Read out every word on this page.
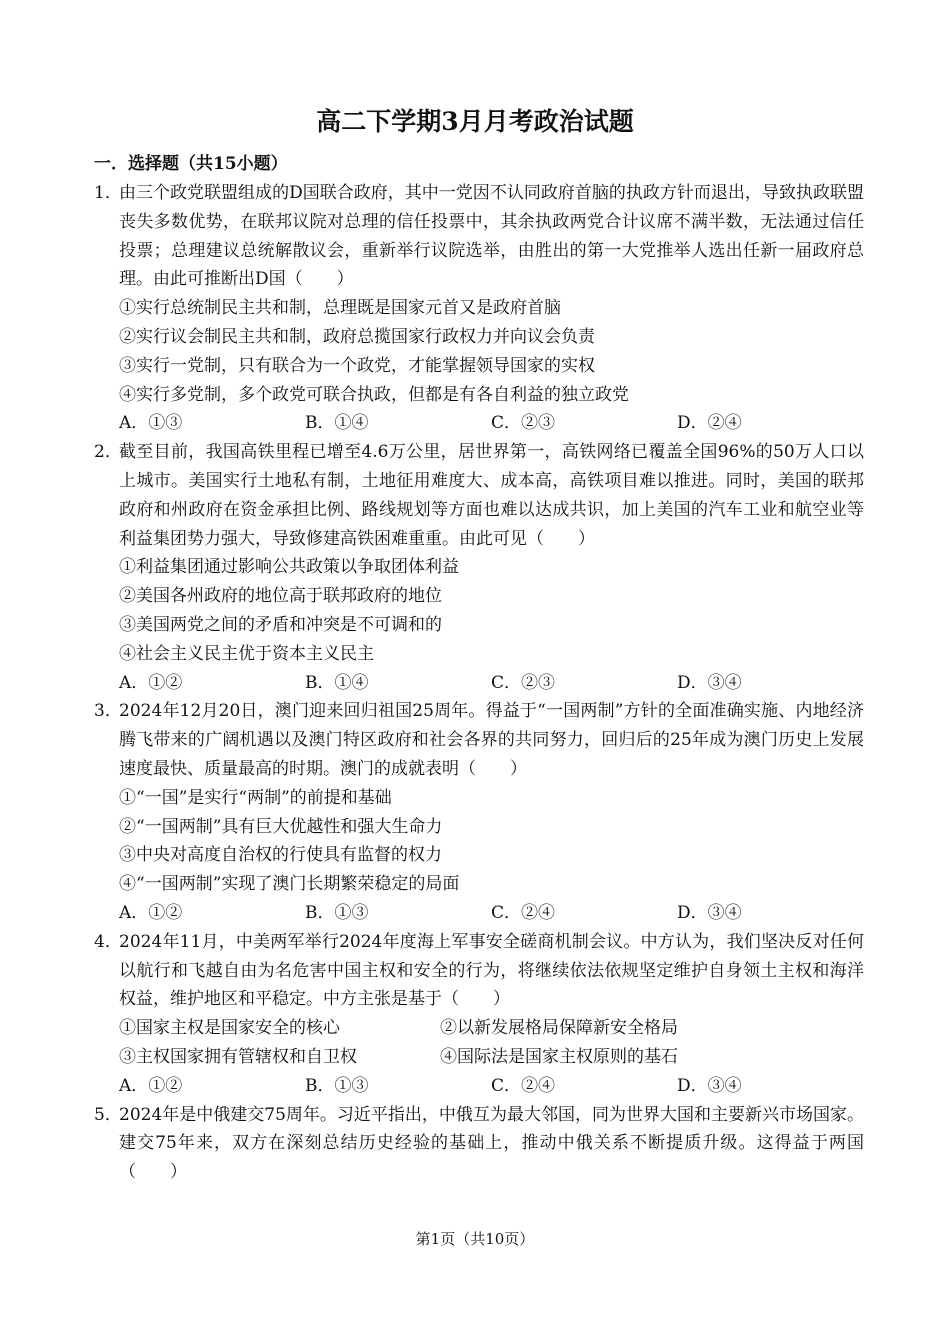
高二下学期3月月考政治试题
一．选择题（共15小题）
1．
由三个政党联盟组成的D国联合政府，其中一党因不认同政府首脑的执政方针而退出，导致执政联盟丧失多数优势，在联邦议院对总理的信任投票中，其余执政两党合计议席不满半数，无法通过信任投票；总理建议总统解散议会，重新举行议院选举，由胜出的第一大党推举人选出任新一届政府总理。由此可推断出D国（　　）
①实行总统制民主共和制，总理既是国家元首又是政府首脑
②实行议会制民主共和制，政府总揽国家行政权力并向议会负责
③实行一党制，只有联合为一个政党，才能掌握领导国家的实权
④实行多党制，多个政党可联合执政，但都是有各自利益的独立政党
A．①③	B．①④	C．②③	D．②④
2．
截至目前，我国高铁里程已增至4.6万公里，居世界第一，高铁网络已覆盖全国96%的50万人口以上城市。美国实行土地私有制，土地征用难度大、成本高，高铁项目难以推进。同时，美国的联邦政府和州政府在资金承担比例、路线规划等方面也难以达成共识，加上美国的汽车工业和航空业等利益集团势力强大，导致修建高铁困难重重。由此可见（　　）
①利益集团通过影响公共政策以争取团体利益
②美国各州政府的地位高于联邦政府的地位
③美国两党之间的矛盾和冲突是不可调和的
④社会主义民主优于资本主义民主
A．①②	B．①④	C．②③	D．③④
3．
2024年12月20日，澳门迎来回归祖国25周年。得益于“一国两制”方针的全面准确实施、内地经济腾飞带来的广阔机遇以及澳门特区政府和社会各界的共同努力，回归后的25年成为澳门历史上发展速度最快、质量最高的时期。澳门的成就表明（　　）
①“一国”是实行“两制”的前提和基础
②“一国两制”具有巨大优越性和强大生命力
③中央对高度自治权的行使具有监督的权力
④“一国两制”实现了澳门长期繁荣稳定的局面
A．①②	B．①③	C．②④	D．③④
4．
2024年11月，中美两军举行2024年度海上军事安全磋商机制会议。中方认为，我们坚决反对任何以航行和飞越自由为名危害中国主权和安全的行为，将继续依法依规坚定维护自身领土主权和海洋权益，维护地区和平稳定。中方主张是基于（　　）
①国家主权是国家安全的核心	②以新发展格局保障新安全格局
③主权国家拥有管辖权和自卫权	④国际法是国家主权原则的基石
A．①②	B．①③	C．②④	D．③④
5．
2024年是中俄建交75周年。习近平指出，中俄互为最大邻国，同为世界大国和主要新兴市场国家。建交75年来，双方在深刻总结历史经验的基础上，推动中俄关系不断提质升级。这得益于两国（　　）
第1页（共10页）
